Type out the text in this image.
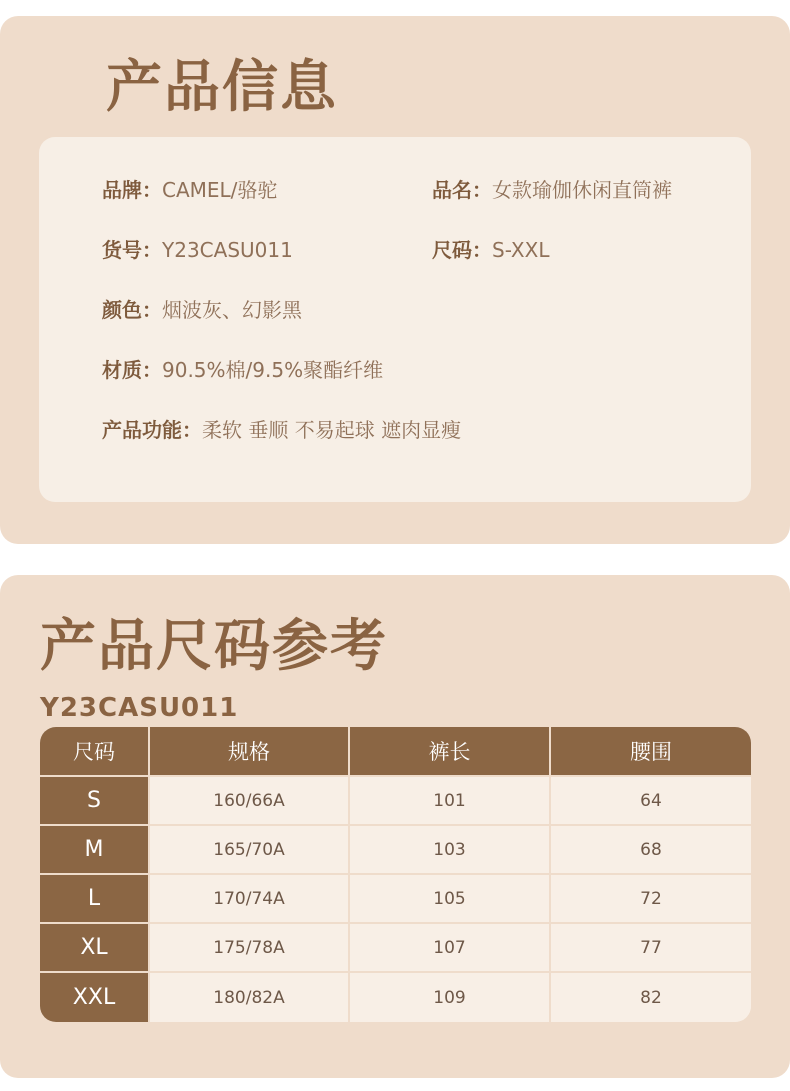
产品信息
品牌：CAMEL/骆驼	品名：女款瑜伽休闲直筒裤
货号：Y23CASU011	尺码：S-XXL
颜色：烟波灰、幻影黑
材质：90.5%棉/9.5%聚酯纤维
产品功能：柔软 垂顺 不易起球 遮肉显瘦
产品尺码参考
Y23CASU011
尺码	规格	裤长	腰围
S	160/66A	101	64
M	165/70A	103	68
L	170/74A	105	72
XL	175/78A	107	77
XXL	180/82A	109	82
